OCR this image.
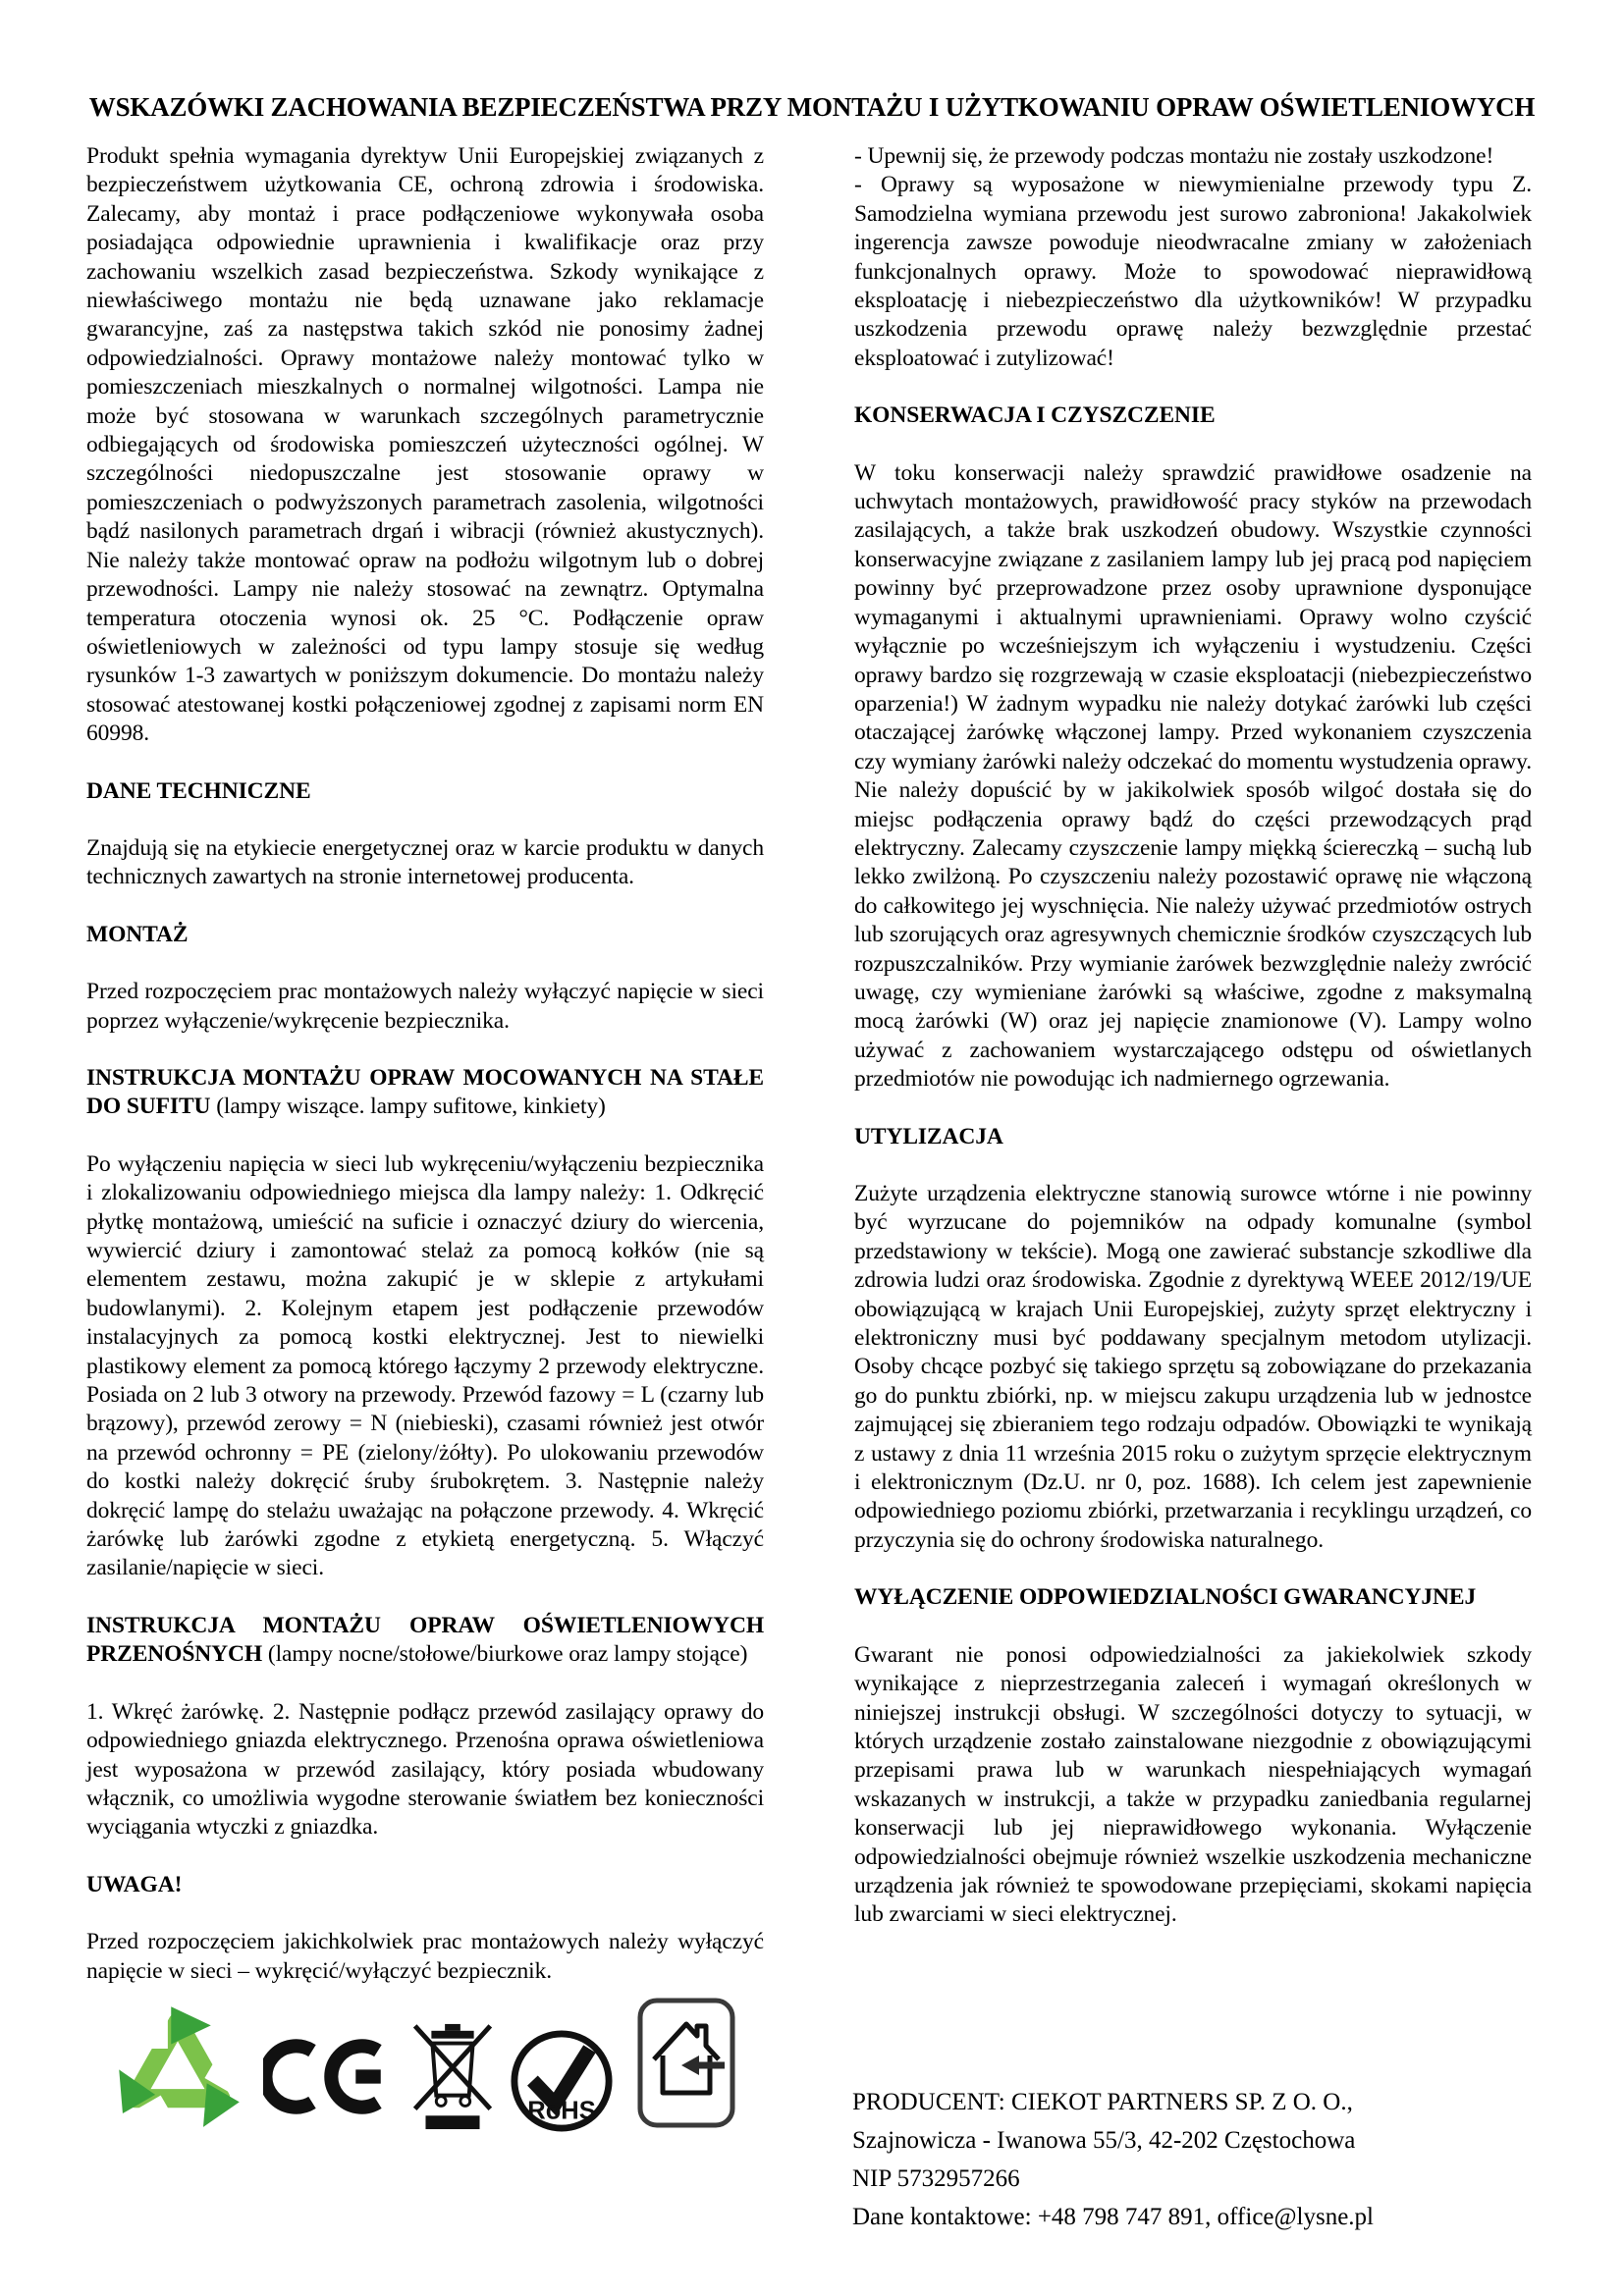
WSKAZÓWKI ZACHOWANIA BEZPIECZEŃSTWA PRZY MONTAŻU I UŻYTKOWANIU OPRAW OŚWIETLENIOWYCH

Produkt spełnia wymagania dyrektyw Unii Europejskiej związanych z bezpieczeństwem użytkowania CE, ochroną zdrowia i środowiska. Zalecamy, aby montaż i prace podłączeniowe wykonywała osoba posiadająca odpowiednie uprawnienia i kwalifikacje oraz przy zachowaniu wszelkich zasad bezpieczeństwa. Szkody wynikające z niewłaściwego montażu nie będą uznawane jako reklamacje gwarancyjne, zaś za następstwa takich szkód nie ponosimy żadnej odpowiedzialności. Oprawy montażowe należy montować tylko w pomieszczeniach mieszkalnych o normalnej wilgotności. Lampa nie może być stosowana w warunkach szczególnych parametrycznie odbiegających od środowiska pomieszczeń użyteczności ogólnej. W szczególności niedopuszczalne jest stosowanie oprawy w pomieszczeniach o podwyższonych parametrach zasolenia, wilgotności bądź nasilonych parametrach drgań i wibracji (również akustycznych). Nie należy także montować opraw na podłożu wilgotnym lub o dobrej przewodności. Lampy nie należy stosować na zewnątrz. Optymalna temperatura otoczenia wynosi ok. 25 °C. Podłączenie opraw oświetleniowych w zależności od typu lampy stosuje się według rysunków 1-3 zawartych w poniższym dokumencie. Do montażu należy stosować atestowanej kostki połączeniowej zgodnej z zapisami norm EN 60998.

DANE TECHNICZNE

Znajdują się na etykiecie energetycznej oraz w karcie produktu w danych technicznych zawartych na stronie internetowej producenta.

MONTAŻ

Przed rozpoczęciem prac montażowych należy wyłączyć napięcie w sieci poprzez wyłączenie/wykręcenie bezpiecznika.

INSTRUKCJA MONTAŻU OPRAW MOCOWANYCH NA STAŁE DO SUFITU (lampy wiszące. lampy sufitowe, kinkiety)

Po wyłączeniu napięcia w sieci lub wykręceniu/wyłączeniu bezpiecznika i zlokalizowaniu odpowiedniego miejsca dla lampy należy: 1. Odkręcić płytkę montażową, umieścić na suficie i oznaczyć dziury do wiercenia, wywiercić dziury i zamontować stelaż za pomocą kołków (nie są elementem zestawu, można zakupić je w sklepie z artykułami budowlanymi). 2. Kolejnym etapem jest podłączenie przewodów instalacyjnych za pomocą kostki elektrycznej. Jest to niewielki plastikowy element za pomocą którego łączymy 2 przewody elektryczne. Posiada on 2 lub 3 otwory na przewody. Przewód fazowy = L (czarny lub brązowy), przewód zerowy = N (niebieski), czasami również jest otwór na przewód ochronny = PE (zielony/żółty). Po ulokowaniu przewodów do kostki należy dokręcić śruby śrubokrętem. 3. Następnie należy dokręcić lampę do stelażu uważając na połączone przewody. 4. Wkręcić żarówkę lub żarówki zgodne z etykietą energetyczną. 5. Włączyć zasilanie/napięcie w sieci.

INSTRUKCJA MONTAŻU OPRAW OŚWIETLENIOWYCH PRZENOŚNYCH (lampy nocne/stołowe/biurkowe oraz lampy stojące)

1. Wkręć żarówkę. 2. Następnie podłącz przewód zasilający oprawy do odpowiedniego gniazda elektrycznego. Przenośna oprawa oświetleniowa jest wyposażona w przewód zasilający, który posiada wbudowany włącznik, co umożliwia wygodne sterowanie światłem bez konieczności wyciągania wtyczki z gniazdka.

UWAGA!

Przed rozpoczęciem jakichkolwiek prac montażowych należy wyłączyć napięcie w sieci – wykręcić/wyłączyć bezpiecznik.

- Upewnij się, że przewody podczas montażu nie zostały uszkodzone!

- Oprawy są wyposażone w niewymienialne przewody typu Z. Samodzielna wymiana przewodu jest surowo zabroniona! Jakakolwiek ingerencja zawsze powoduje nieodwracalne zmiany w założeniach funkcjonalnych oprawy. Może to spowodować nieprawidłową eksploatację i niebezpieczeństwo dla użytkowników! W przypadku uszkodzenia przewodu oprawę należy bezwzględnie przestać eksploatować i zutylizować!

KONSERWACJA I CZYSZCZENIE

W toku konserwacji należy sprawdzić prawidłowe osadzenie na uchwytach montażowych, prawidłowość pracy styków na przewodach zasilających, a także brak uszkodzeń obudowy. Wszystkie czynności konserwacyjne związane z zasilaniem lampy lub jej pracą pod napięciem powinny być przeprowadzone przez osoby uprawnione dysponujące wymaganymi i aktualnymi uprawnieniami. Oprawy wolno czyścić wyłącznie po wcześniejszym ich wyłączeniu i wystudzeniu. Części oprawy bardzo się rozgrzewają w czasie eksploatacji (niebezpieczeństwo oparzenia!) W żadnym wypadku nie należy dotykać żarówki lub części otaczającej żarówkę włączonej lampy. Przed wykonaniem czyszczenia czy wymiany żarówki należy odczekać do momentu wystudzenia oprawy. Nie należy dopuścić by w jakikolwiek sposób wilgoć dostała się do miejsc podłączenia oprawy bądź do części przewodzących prąd elektryczny. Zalecamy czyszczenie lampy miękką ściereczką – suchą lub lekko zwilżoną. Po czyszczeniu należy pozostawić oprawę nie włączoną do całkowitego jej wyschnięcia. Nie należy używać przedmiotów ostrych lub szorujących oraz agresywnych chemicznie środków czyszczących lub rozpuszczalników. Przy wymianie żarówek bezwzględnie należy zwrócić uwagę, czy wymieniane żarówki są właściwe, zgodne z maksymalną mocą żarówki (W) oraz jej napięcie znamionowe (V). Lampy wolno używać z zachowaniem wystarczającego odstępu od oświetlanych przedmiotów nie powodując ich nadmiernego ogrzewania.

UTYLIZACJA

Zużyte urządzenia elektryczne stanowią surowce wtórne i nie powinny być wyrzucane do pojemników na odpady komunalne (symbol przedstawiony w tekście). Mogą one zawierać substancje szkodliwe dla zdrowia ludzi oraz środowiska. Zgodnie z dyrektywą WEEE 2012/19/UE obowiązującą w krajach Unii Europejskiej, zużyty sprzęt elektryczny i elektroniczny musi być poddawany specjalnym metodom utylizacji. Osoby chcące pozbyć się takiego sprzętu są zobowiązane do przekazania go do punktu zbiórki, np. w miejscu zakupu urządzenia lub w jednostce zajmującej się zbieraniem tego rodzaju odpadów. Obowiązki te wynikają z ustawy z dnia 11 września 2015 roku o zużytym sprzęcie elektrycznym i elektronicznym (Dz.U. nr 0, poz. 1688). Ich celem jest zapewnienie odpowiedniego poziomu zbiórki, przetwarzania i recyklingu urządzeń, co przyczynia się do ochrony środowiska naturalnego.

WYŁĄCZENIE ODPOWIEDZIALNOŚCI GWARANCYJNEJ

Gwarant nie ponosi odpowiedzialności za jakiekolwiek szkody wynikające z nieprzestrzegania zaleceń i wymagań określonych w niniejszej instrukcji obsługi. W szczególności dotyczy to sytuacji, w których urządzenie zostało zainstalowane niezgodnie z obowiązującymi przepisami prawa lub w warunkach niespełniających wymagań wskazanych w instrukcji, a także w przypadku zaniedbania regularnej konserwacji lub jej nieprawidłowego wykonania. Wyłączenie odpowiedzialności obejmuje również wszelkie uszkodzenia mechaniczne urządzenia jak również te spowodowane przepięciami, skokami napięcia lub zwarciami w sieci elektrycznej.

RoHS	PRODUCENT: CIEKOT PARTNERS SP. Z O. O.,
Szajnowicza - Iwanowa 55/3, 42-202 Częstochowa
NIP 5732957266
Dane kontaktowe: +48 798 747 891, office@lysne.pl
